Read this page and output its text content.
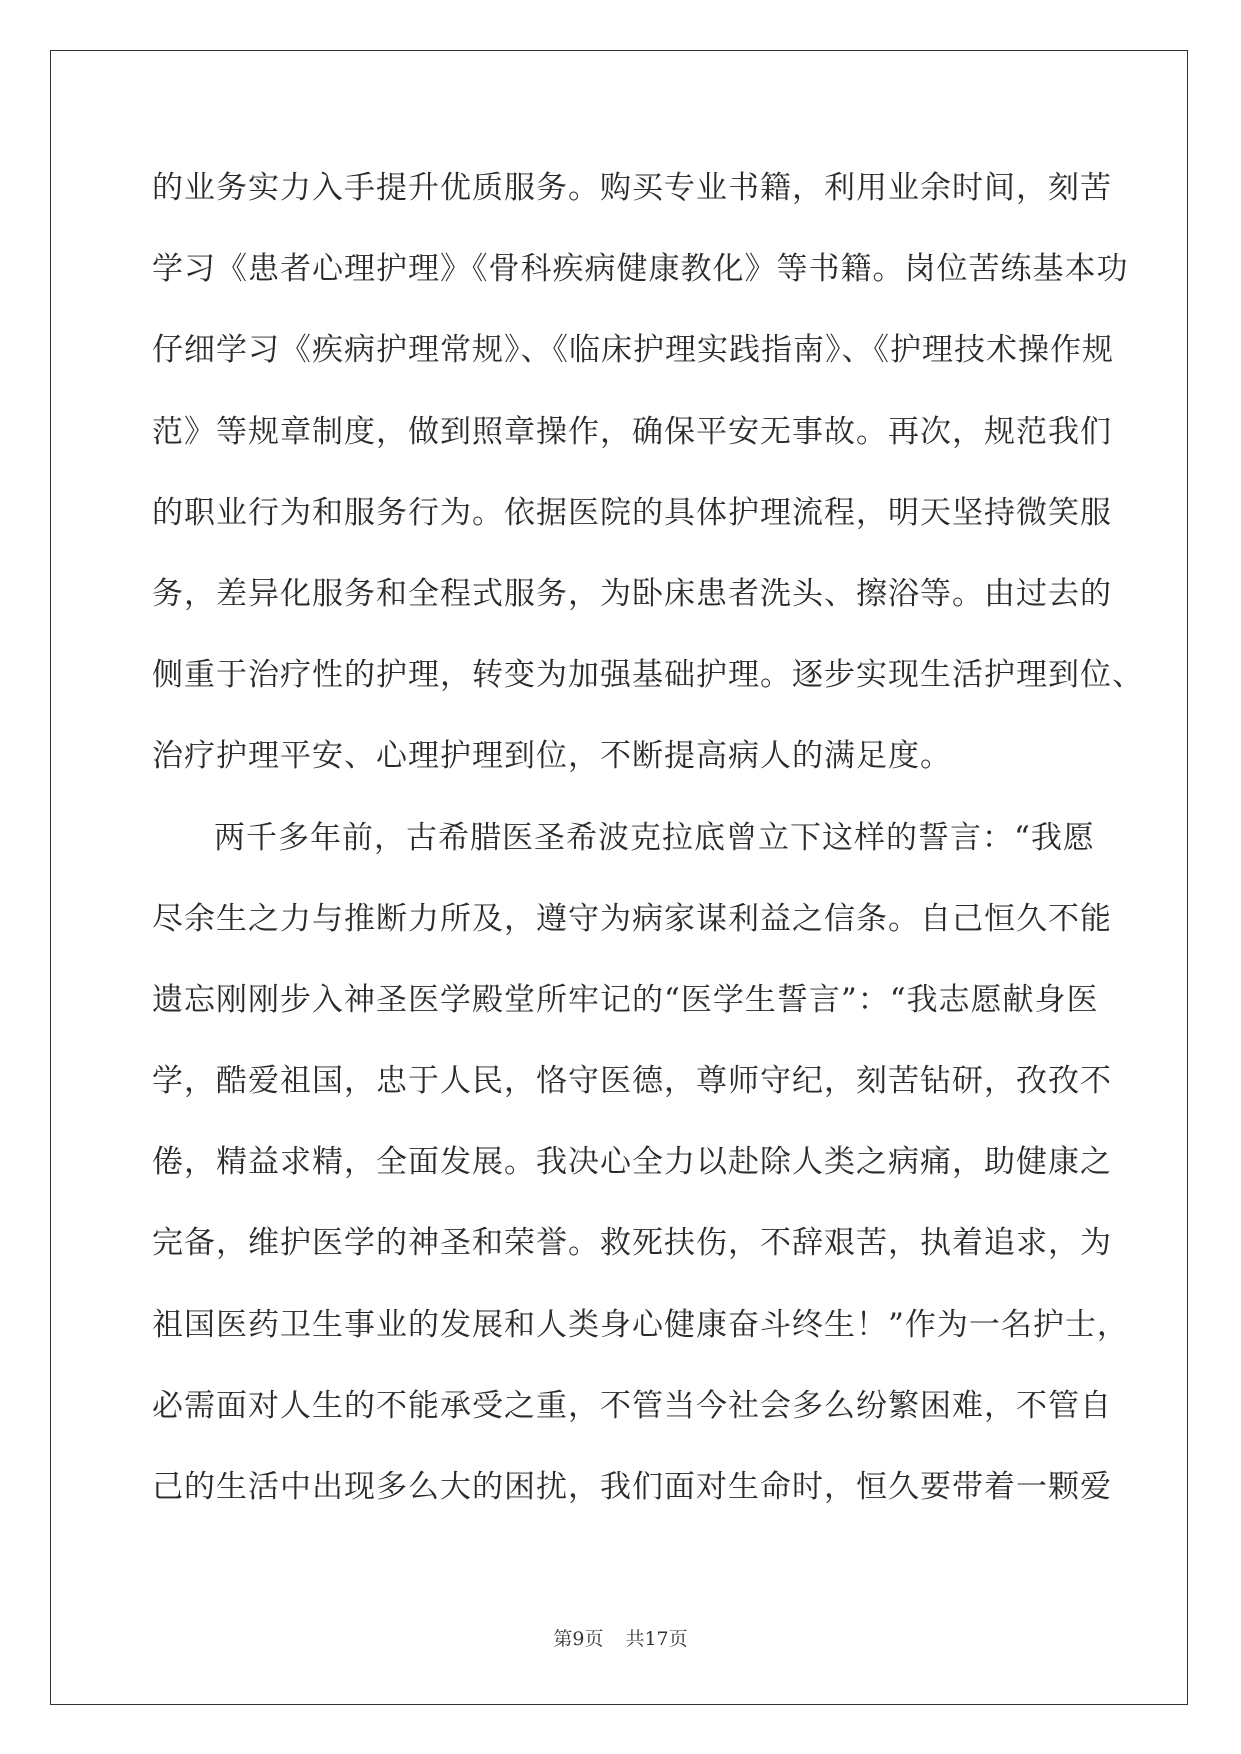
的业务实力入手提升优质服务。购买专业书籍，利用业余时间，刻苦
学习《患者心理护理》《骨科疾病健康教化》等书籍。岗位苦练基本功
仔细学习《疾病护理常规》、《临床护理实践指南》、《护理技术操作规
范》等规章制度，做到照章操作，确保平安无事故。再次，规范我们
的职业行为和服务行为。依据医院的具体护理流程，明天坚持微笑服
务，差异化服务和全程式服务，为卧床患者洗头、擦浴等。由过去的
侧重于治疗性的护理，转变为加强基础护理。逐步实现生活护理到位、
治疗护理平安、心理护理到位，不断提高病人的满足度。
两千多年前，古希腊医圣希波克拉底曾立下这样的誓言：“我愿
尽余生之力与推断力所及，遵守为病家谋利益之信条。自己恒久不能
遗忘刚刚步入神圣医学殿堂所牢记的“医学生誓言”：“我志愿献身医
学，酷爱祖国，忠于人民，恪守医德，尊师守纪，刻苦钻研，孜孜不
倦，精益求精，全面发展。我决心全力以赴除人类之病痛，助健康之
完备，维护医学的神圣和荣誉。救死扶伤，不辞艰苦，执着追求，为
祖国医药卫生事业的发展和人类身心健康奋斗终生！”作为一名护士，
必需面对人生的不能承受之重，不管当今社会多么纷繁困难，不管自
己的生活中出现多么大的困扰，我们面对生命时，恒久要带着一颗爱
第9页 共17页
